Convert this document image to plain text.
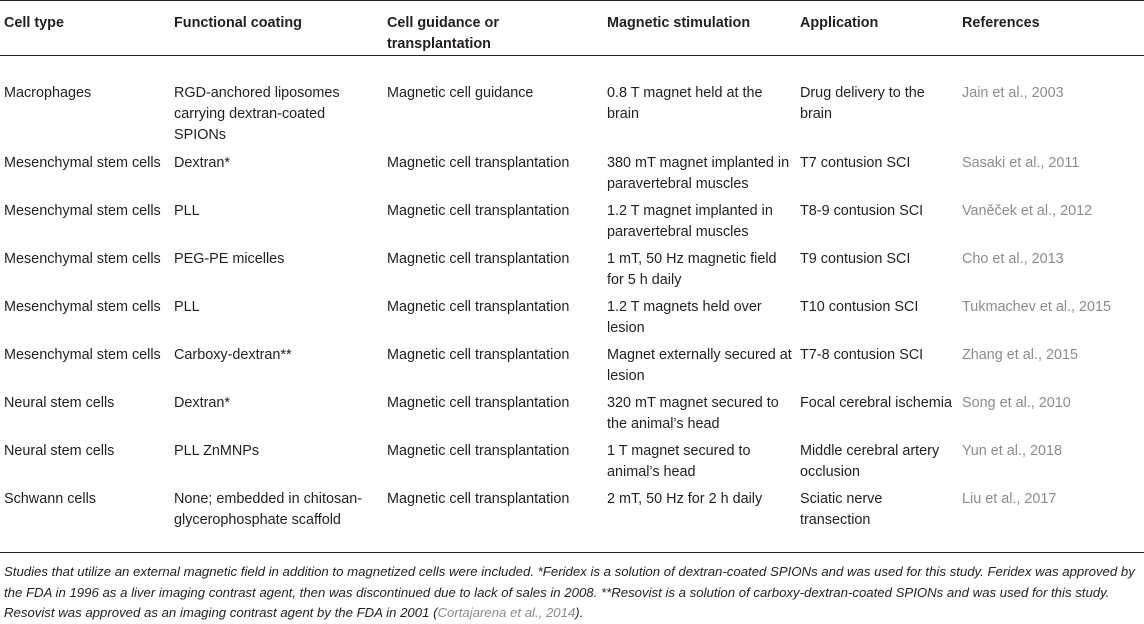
Cell type	Functional coating	Cell guidance or transplantation	Magnetic stimulation	Application	References
Macrophages	RGD-anchored liposomes carrying dextran-coated SPIONs	Magnetic cell guidance	0.8 T magnet held at the brain	Drug delivery to the brain	Jain et al., 2003
Mesenchymal stem cells	Dextran*	Magnetic cell transplantation	380 mT magnet implanted in paravertebral muscles	T7 contusion SCI	Sasaki et al., 2011
Mesenchymal stem cells	PLL	Magnetic cell transplantation	1.2 T magnet implanted in paravertebral muscles	T8-9 contusion SCI	Vaněček et al., 2012
Mesenchymal stem cells	PEG-PE micelles	Magnetic cell transplantation	1 mT, 50 Hz magnetic field for 5 h daily	T9 contusion SCI	Cho et al., 2013
Mesenchymal stem cells	PLL	Magnetic cell transplantation	1.2 T magnets held over lesion	T10 contusion SCI	Tukmachev et al., 2015
Mesenchymal stem cells	Carboxy-dextran**	Magnetic cell transplantation	Magnet externally secured at lesion	T7-8 contusion SCI	Zhang et al., 2015
Neural stem cells	Dextran*	Magnetic cell transplantation	320 mT magnet secured to the animal’s head	Focal cerebral ischemia	Song et al., 2010
Neural stem cells	PLL ZnMNPs	Magnetic cell transplantation	1 T magnet secured to animal’s head	Middle cerebral artery occlusion	Yun et al., 2018
Schwann cells	None; embedded in chitosan-glycerophosphate scaffold	Magnetic cell transplantation	2 mT, 50 Hz for 2 h daily	Sciatic nerve transection	Liu et al., 2017
Studies that utilize an external magnetic field in addition to magnetized cells were included. *Feridex is a solution of dextran-coated SPIONs and was used for this study. Feridex was approved by the FDA in 1996 as a liver imaging contrast agent, then was discontinued due to lack of sales in 2008. **Resovist is a solution of carboxy-dextran-coated SPIONs and was used for this study. Resovist was approved as an imaging contrast agent by the FDA in 2001 (Cortajarena et al., 2014).
